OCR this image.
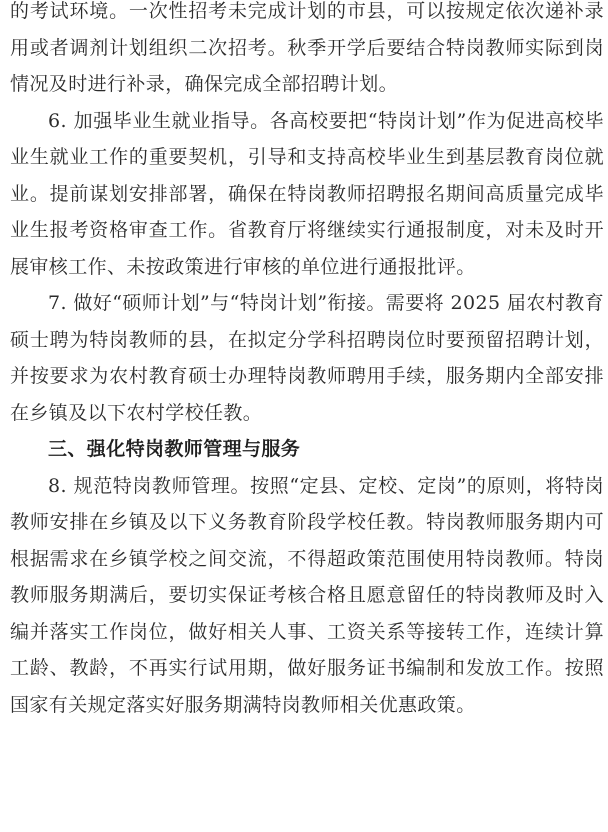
的考试环境。一次性招考未完成计划的市县，可以按规定依次递补录用或者调剂计划组织二次招考。秋季开学后要结合特岗教师实际到岗情况及时进行补录，确保完成全部招聘计划。

6. 加强毕业生就业指导。各高校要把“特岗计划”作为促进高校毕业生就业工作的重要契机，引导和支持高校毕业生到基层教育岗位就业。提前谋划安排部署，确保在特岗教师招聘报名期间高质量完成毕业生报考资格审查工作。省教育厅将继续实行通报制度，对未及时开展审核工作、未按政策进行审核的单位进行通报批评。

7. 做好“硕师计划”与“特岗计划”衔接。需要将 2025 届农村教育硕士聘为特岗教师的县，在拟定分学科招聘岗位时要预留招聘计划，并按要求为农村教育硕士办理特岗教师聘用手续，服务期内全部安排在乡镇及以下农村学校任教。

三、强化特岗教师管理与服务

8. 规范特岗教师管理。按照“定县、定校、定岗”的原则，将特岗教师安排在乡镇及以下义务教育阶段学校任教。特岗教师服务期内可根据需求在乡镇学校之间交流，不得超政策范围使用特岗教师。特岗教师服务期满后，要切实保证考核合格且愿意留任的特岗教师及时入编并落实工作岗位，做好相关人事、工资关系等接转工作，连续计算工龄、教龄，不再实行试用期，做好服务证书编制和发放工作。按照国家有关规定落实好服务期满特岗教师相关优惠政策。
